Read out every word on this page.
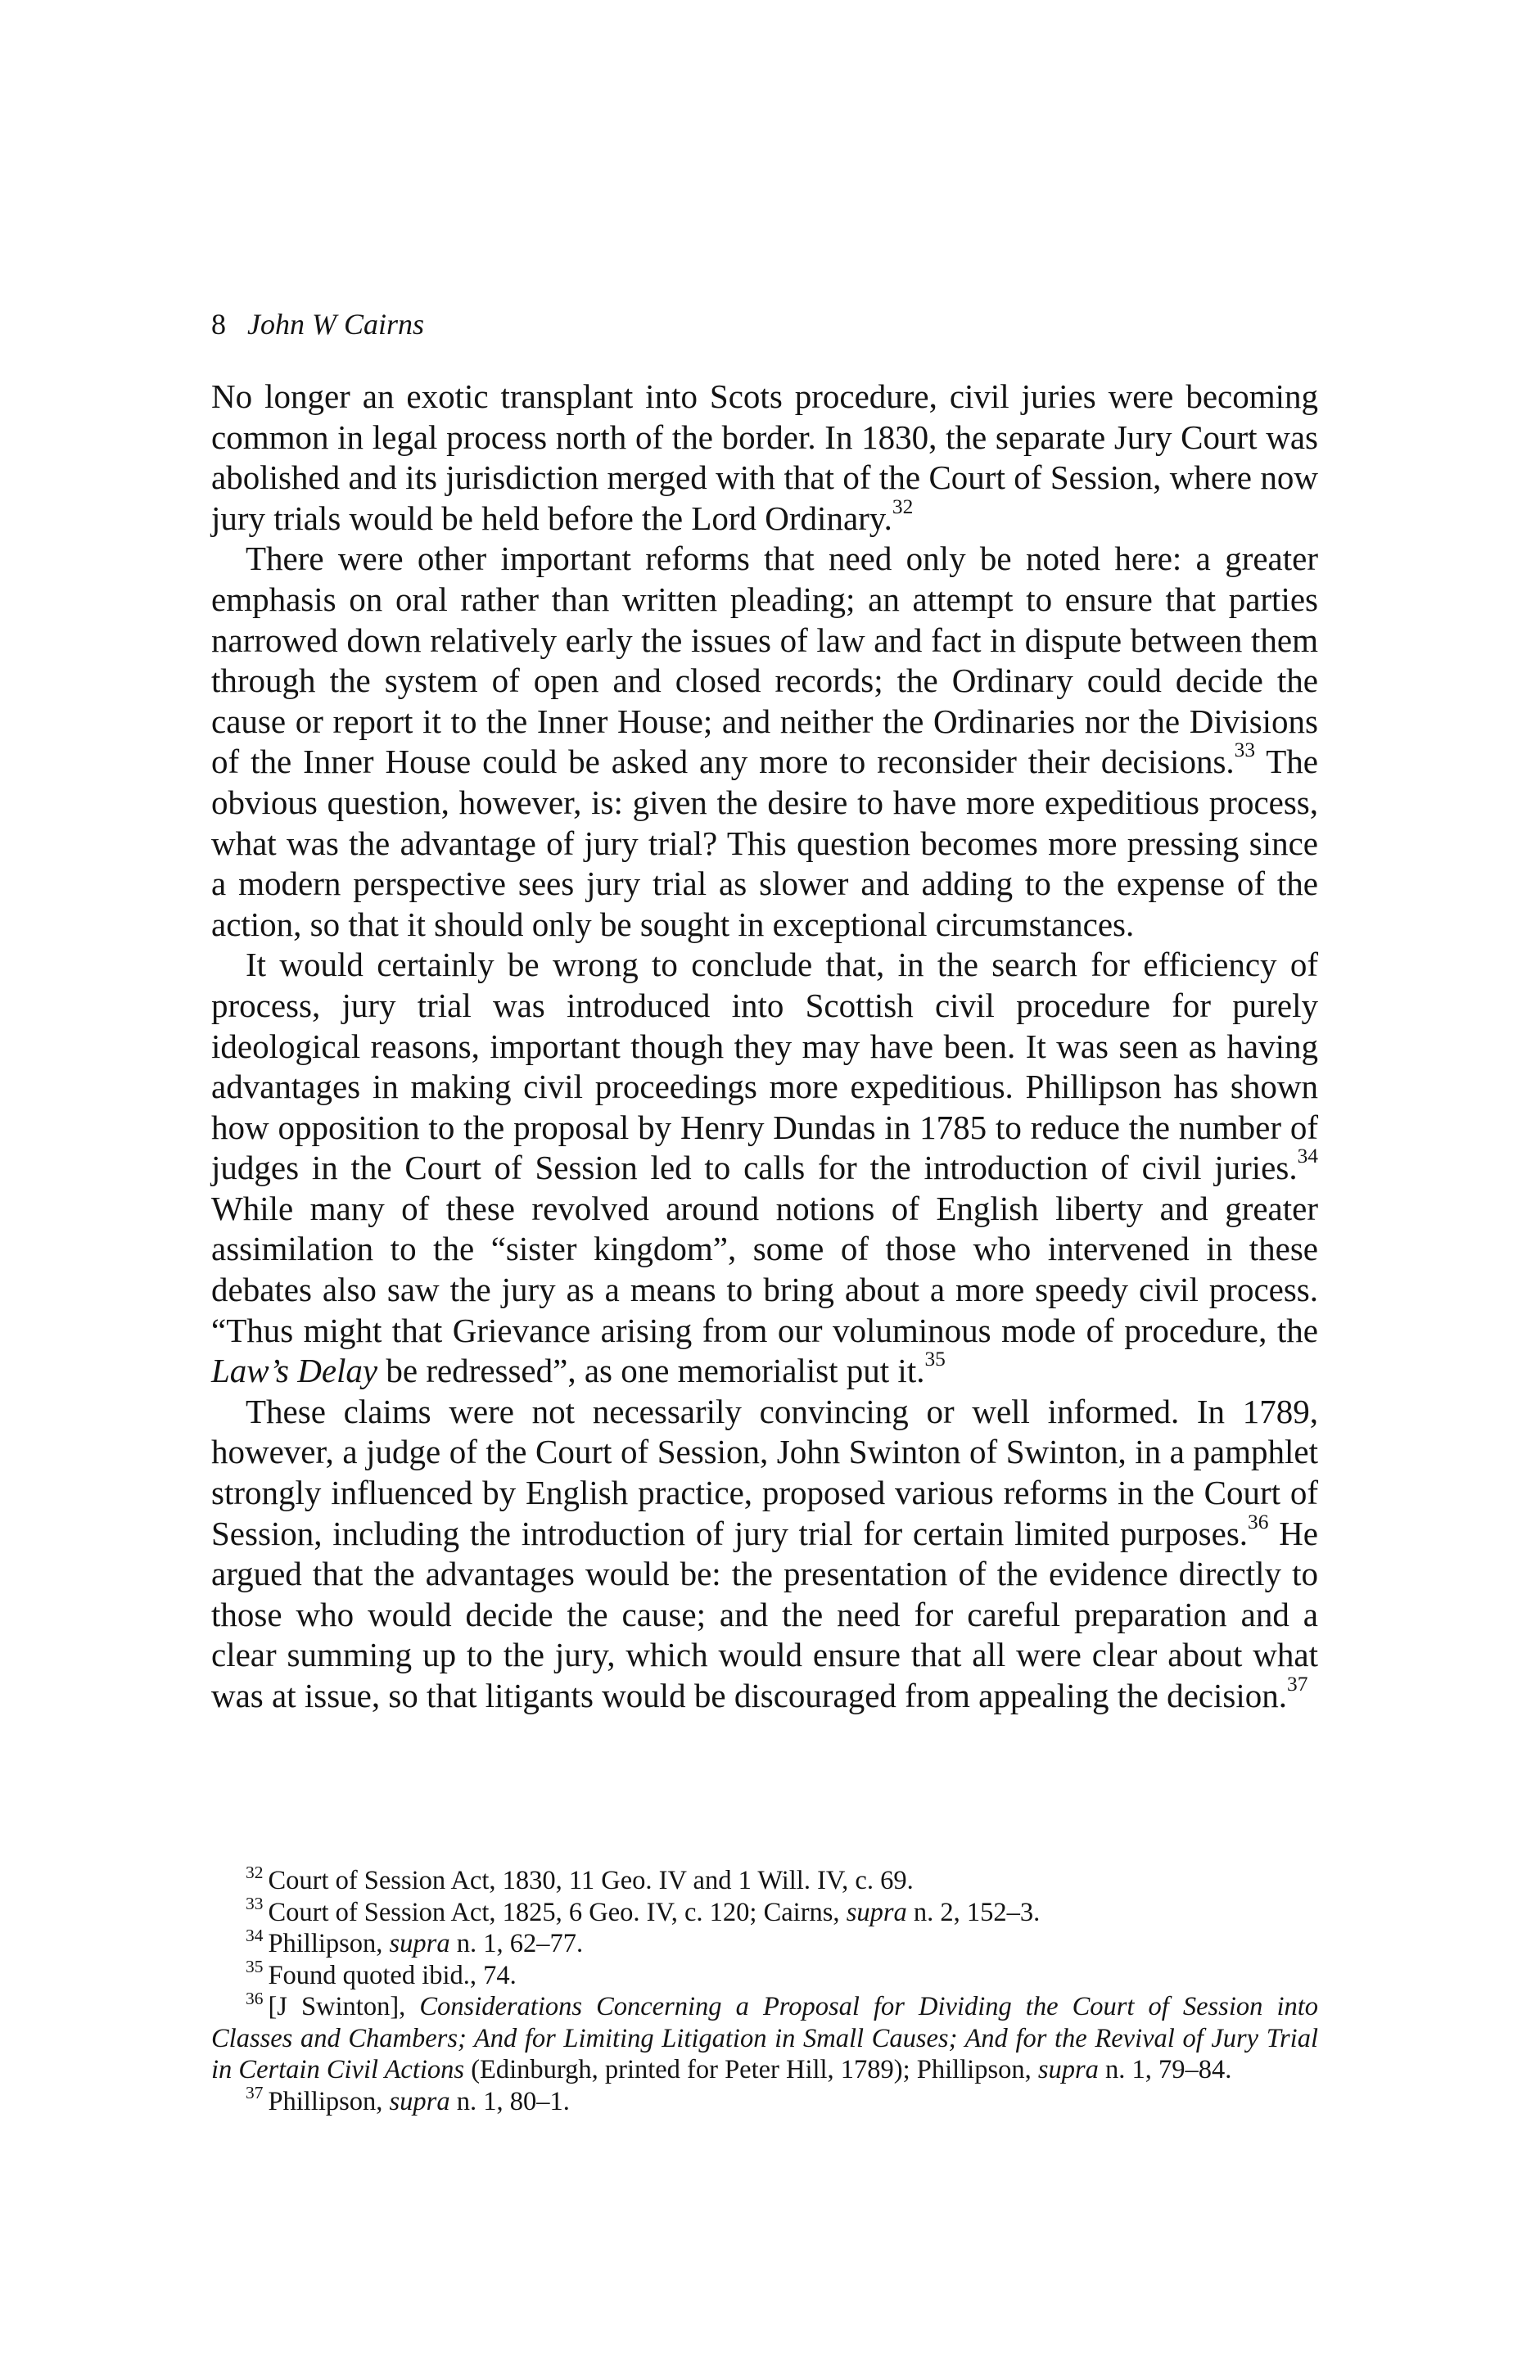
8 John W Cairns

No longer an exotic transplant into Scots procedure, civil juries were becoming common in legal process north of the border. In 1830, the separate Jury Court was abolished and its jurisdiction merged with that of the Court of Session, where now jury trials would be held before the Lord Ordinary.$^{32}$

There were other important reforms that need only be noted here: a greater emphasis on oral rather than written pleading; an attempt to ensure that parties narrowed down relatively early the issues of law and fact in dispute between them through the system of open and closed records; the Ordinary could decide the cause or report it to the Inner House; and neither the Ordinaries nor the Divisions of the Inner House could be asked any more to reconsider their decisions.$^{33}$ The obvious question, however, is: given the desire to have more expeditious process, what was the advantage of jury trial? This question becomes more pressing since a modern perspective sees jury trial as slower and adding to the expense of the action, so that it should only be sought in exceptional circumstances.

It would certainly be wrong to conclude that, in the search for efficiency of process, jury trial was introduced into Scottish civil procedure for purely ideological reasons, important though they may have been. It was seen as having advantages in making civil proceedings more expeditious. Phillipson has shown how opposition to the proposal by Henry Dundas in 1785 to reduce the number of judges in the Court of Session led to calls for the introduction of civil juries.$^{34}$ While many of these revolved around notions of English liberty and greater assimilation to the “sister kingdom”, some of those who intervened in these debates also saw the jury as a means to bring about a more speedy civil process. “Thus might that Grievance arising from our voluminous mode of procedure, the Law’s Delay be redressed”, as one memorialist put it.$^{35}$

These claims were not necessarily convincing or well informed. In 1789, however, a judge of the Court of Session, John Swinton of Swinton, in a pamphlet strongly influenced by English practice, proposed various reforms in the Court of Session, including the introduction of jury trial for certain limited purposes.$^{36}$ He argued that the advantages would be: the presentation of the evidence directly to those who would decide the cause; and the need for careful preparation and a clear summing up to the jury, which would ensure that all were clear about what was at issue, so that litigants would be discouraged from appealing the decision.$^{37}$

$^{32}$ Court of Session Act, 1830, 11 Geo. IV and 1 Will. IV, c. 69.

$^{33}$ Court of Session Act, 1825, 6 Geo. IV, c. 120; Cairns, supra n. 2, 152–3.

$^{34}$ Phillipson, supra n. 1, 62–77.

$^{35}$ Found quoted ibid., 74.

$^{36}$ [J Swinton], Considerations Concerning a Proposal for Dividing the Court of Session into Classes and Chambers; And for Limiting Litigation in Small Causes; And for the Revival of Jury Trial in Certain Civil Actions (Edinburgh, printed for Peter Hill, 1789); Phillipson, supra n. 1, 79–84.

$^{37}$ Phillipson, supra n. 1, 80–1.
